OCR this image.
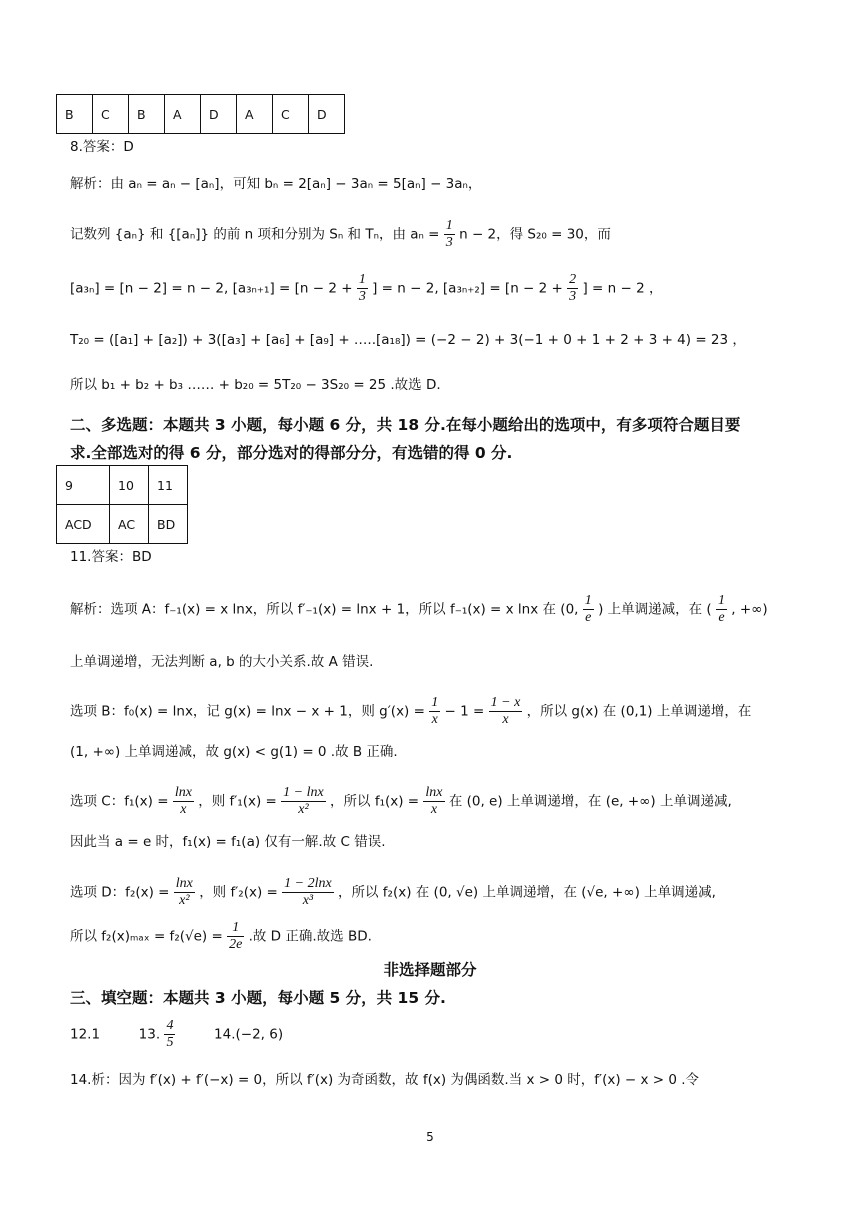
B	C	B	A	D	A	C	D
8.答案：D
解析：由 aₙ = aₙ − [aₙ]，可知 bₙ = 2[aₙ] − 3aₙ = 5[aₙ] − 3aₙ，
记数列 {aₙ} 和 {[aₙ]} 的前 n 项和分别为 Sₙ 和 Tₙ，由 $a_n = \frac{1}{3}$ n − 2，得 S₂₀ = 30，而
[a₃ₙ] = [n − 2] = n − 2, $[a_{3n+1}] = [n - 2 + \frac{1}{3}$ ] = n − 2, $[a_{3n+2}] = [n - 2 + \frac{2}{3}$ ] = n − 2 ，
T₂₀ = ([a₁] + [a₂]) + 3([a₃] + [a₆] + [a₉] + …..[a₁₈]) = (−2 − 2) + 3(−1 + 0 + 1 + 2 + 3 + 4) = 23 ，
所以 b₁ + b₂ + b₃ …… + b₂₀ = 5T₂₀ − 3S₂₀ = 25 .故选 D.
二、多选题：本题共 3 小题，每小题 6 分，共 18 分.在每小题给出的选项中，有多项符合题目要
求.全部选对的得 6 分，部分选对的得部分分，有选错的得 0 分.
9	10	11
ACD	AC	BD
11.答案：BD
解析：选项 A：f₋₁(x) = x lnx，所以 f′₋₁(x) = lnx + 1，所以 f₋₁(x) = x lnx 在 (0, $\frac{1}{e}$ ) 上单调递减，在 ( $\frac{1}{e}$ , +∞)
上单调递增，无法判断 a, b 的大小关系.故 A 错误.
选项 B：f₀(x) = lnx，记 g(x) = lnx − x + 1，则 $g'(x) = \frac{1}{x} - 1 = \frac{1 - x}{x}$ ，所以 g(x) 在 (0,1) 上单调递增，在
(1, +∞) 上单调递减，故 g(x) < g(1) = 0 .故 B 正确.
选项 C：$f_1(x) = \frac{\ln x}{x}$ ，则 $f'_1(x) = \frac{1 - \ln x}{\text{x²}}$ ，所以 $f_1(x) = \frac{\ln x}{x}$ 在 (0, e) 上单调递增，在 (e, +∞) 上单调递减,
因此当 a = e 时，f₁(x) = f₁(a) 仅有一解.故 C 错误.
选项 D：$f_2(x) = \frac{\ln x}{\text{x²}}$ ，则 $f'_2(x) = \frac{1 - 2\ln x}{\text{x³}}$ ，所以 f₂(x) 在 (0, √e) 上单调递增，在 (√e, +∞) 上单调递减,
所以 $f_2(x)_{max} = f_2(√e) = \frac{1}{2e}$ .故 D 正确.故选 BD.
非选择题部分
三、填空题：本题共 3 小题，每小题 5 分，共 15 分.
12.1	13. $\frac{4}{5}$	14.(−2, 6)
14.析：因为 f′(x) + f′(−x) = 0，所以 f′(x) 为奇函数，故 f(x) 为偶函数.当 x > 0 时，f′(x) − x > 0 .令
5
